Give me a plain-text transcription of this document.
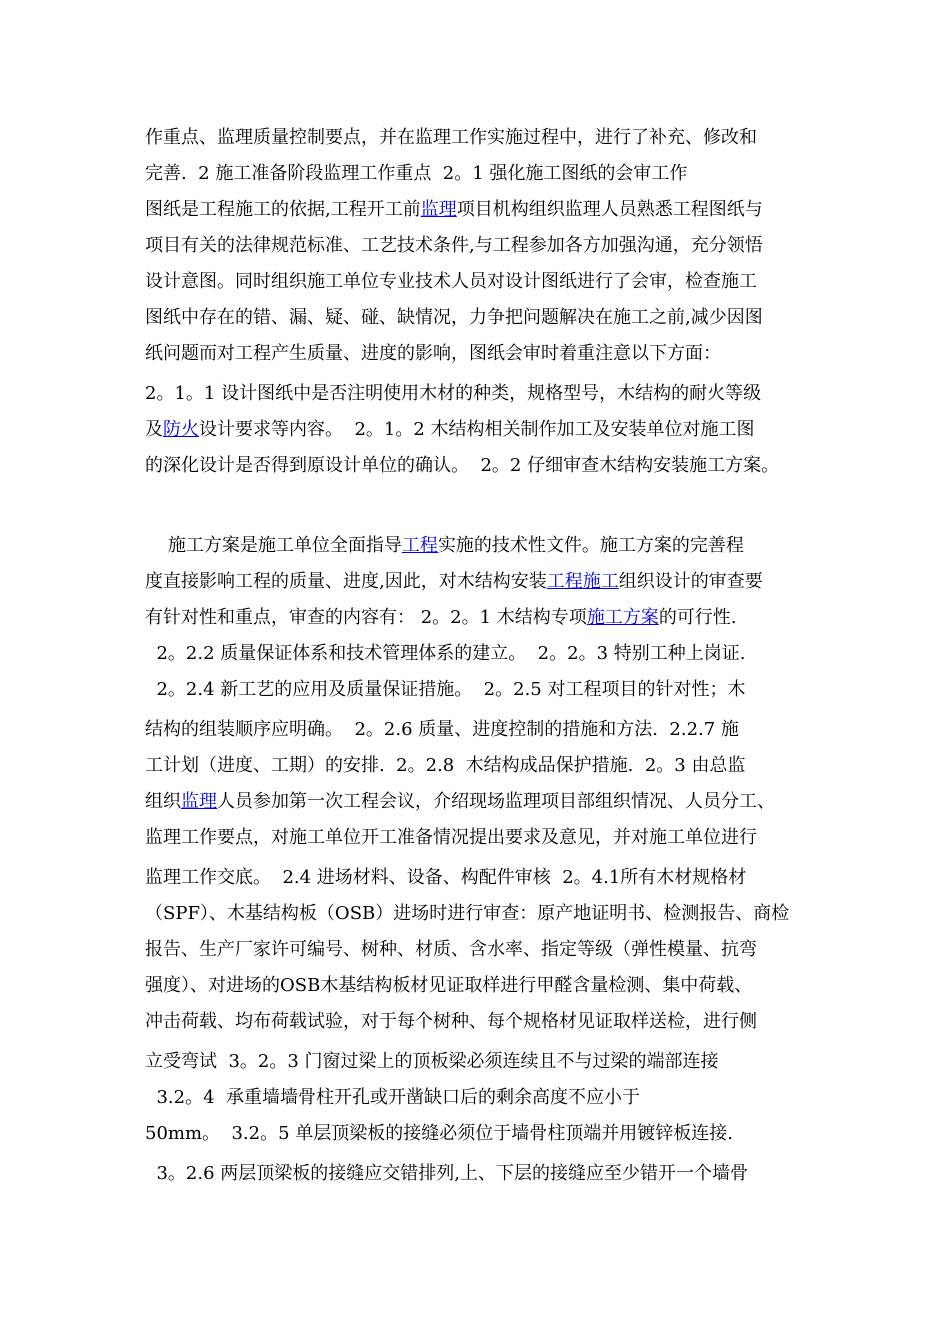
作重点、监理质量控制要点，并在监理工作实施过程中，进行了补充、修改和
完善.  2 施工准备阶段监理工作重点  2。1 强化施工图纸的会审工作
图纸是工程施工的依据,工程开工前监理项目机构组织监理人员熟悉工程图纸与
项目有关的法律规范标准、工艺技术条件,与工程参加各方加强沟通，充分领悟
设计意图。同时组织施工单位专业技术人员对设计图纸进行了会审，检查施工
图纸中存在的错、漏、疑、碰、缺情况，力争把问题解决在施工之前,减少因图
纸问题而对工程产生质量、进度的影响，图纸会审时着重注意以下方面：
2。1。1 设计图纸中是否注明使用木材的种类，规格型号，木结构的耐火等级
及防火设计要求等内容。  2。1。2 木结构相关制作加工及安装单位对施工图
的深化设计是否得到原设计单位的确认。  2。2 仔细审查木结构安装施工方案。
施工方案是施工单位全面指导工程实施的技术性文件。施工方案的完善程
度直接影响工程的质量、进度,因此，对木结构安装工程施工组织设计的审查要
有针对性和重点，审查的内容有： 2。2。1 木结构专项施工方案的可行性.
2。2.2 质量保证体系和技术管理体系的建立。  2。2。3 特别工种上岗证.
2。2.4 新工艺的应用及质量保证措施。  2。2.5 对工程项目的针对性；木
结构的组装顺序应明确。  2。2.6 质量、进度控制的措施和方法.  2.2.7 施
工计划（进度、工期）的安排.  2。2.8  木结构成品保护措施.  2。3 由总监
组织监理人员参加第一次工程会议，介绍现场监理项目部组织情况、人员分工、
监理工作要点，对施工单位开工准备情况提出要求及意见，并对施工单位进行
监理工作交底。  2.4 进场材料、设备、构配件审核  2。4.1所有木材规格材
（SPF）、木基结构板（OSB）进场时进行审查：原产地证明书、检测报告、商检
报告、生产厂家许可编号、树种、材质、含水率、指定等级（弹性模量、抗弯
强度）、对进场的OSB木基结构板材见证取样进行甲醛含量检测、集中荷载、
冲击荷载、均布荷载试验，对于每个树种、每个规格材见证取样送检，进行侧
立受弯试  3。2。3 门窗过梁上的顶板梁必须连续且不与过梁的端部连接
3.2。4  承重墙墙骨柱开孔或开凿缺口后的剩余高度不应小于
50mm。  3.2。5 单层顶梁板的接缝必须位于墙骨柱顶端并用镀锌板连接.
3。2.6 两层顶梁板的接缝应交错排列,上、下层的接缝应至少错开一个墙骨
